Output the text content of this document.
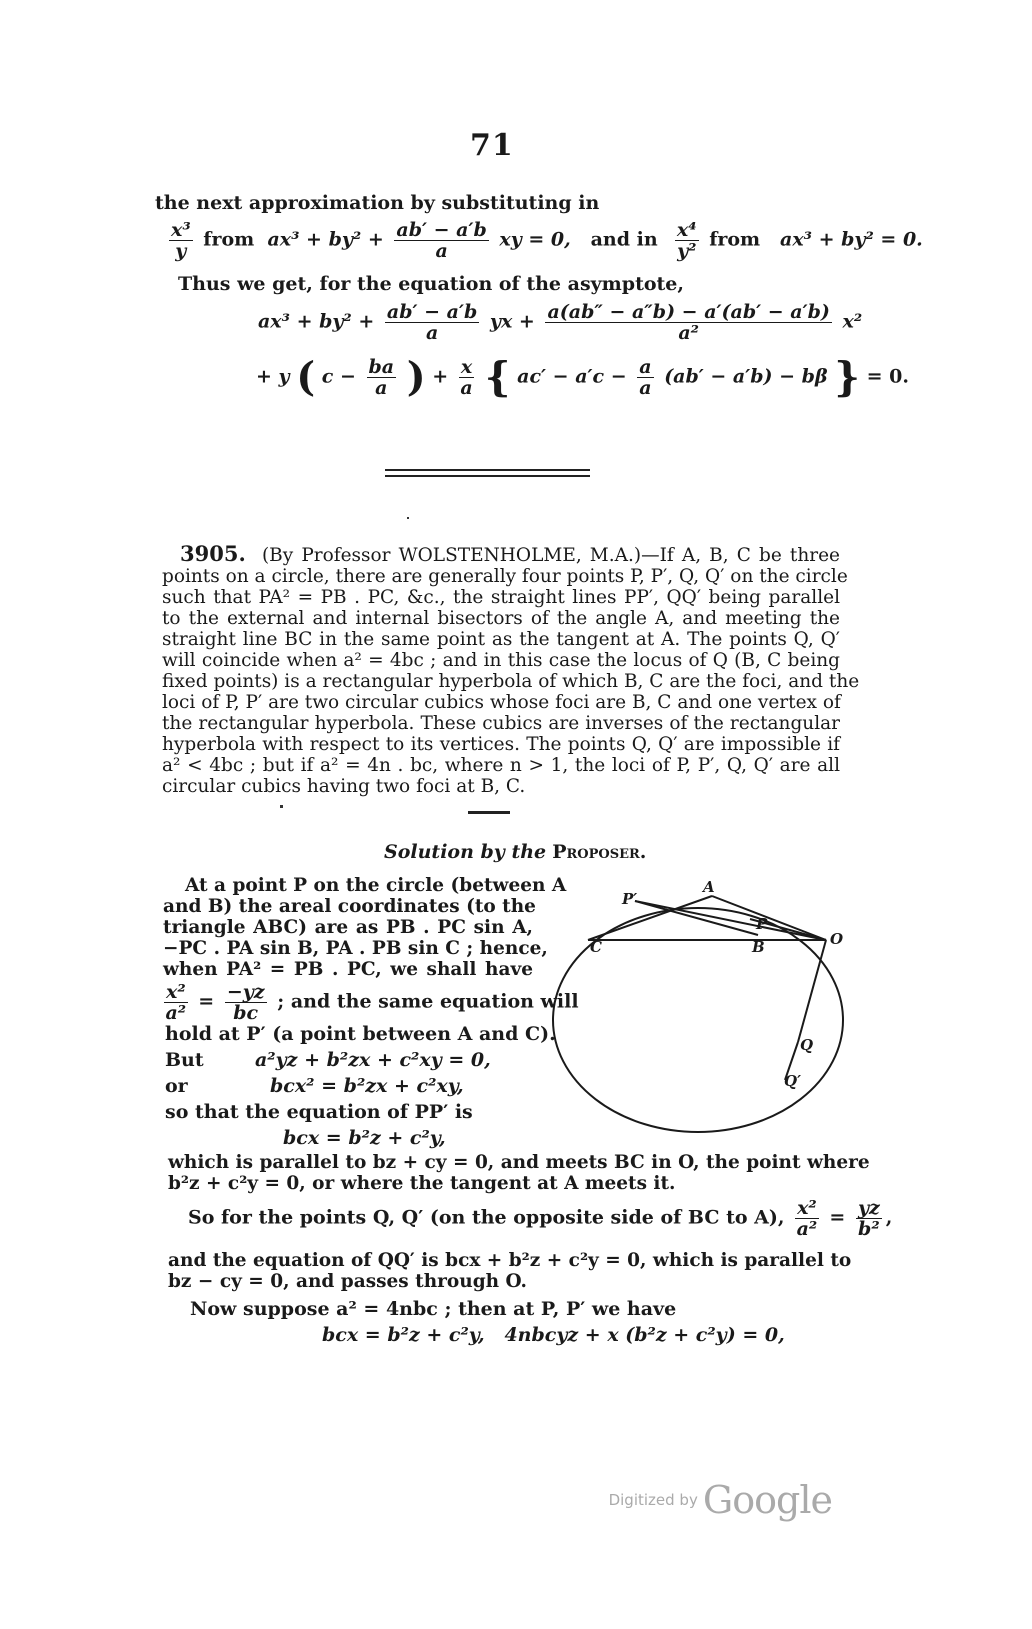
71
the next approximation by substituting in
$\frac{\text{x³}}{y}$ from $ax^3 + by^2 + \frac{ab' - a'b}{a}$ xy = 0, and in $\frac{\text{x⁴}}{\text{y²}}$ from ax³ + by² = 0.
Thus we get, for the equation of the asymptote,
$ax^3 + by^2 + \frac{ab' - a'b}{a}$ yx + $\frac{a(ab'' - a''b) - a'(ab' - a'b)}{\text{a²}} x^2$
+ y ( $c - \frac{ba}{a}$ ) + $\frac{x}{a}$ { $ac' - a'c - \frac{a}{a} (ab' - a'b) - b\beta$ } = 0.

3905. (By Professor WOLSTENHOLME, M.A.)—If A, B, C be three

points on a circle, there are generally four points P, P′, Q, Q′ on the circle

such that PA² = PB . PC, &c., the straight lines PP′, QQ′ being parallel

to the external and internal bisectors of the angle A, and meeting the

straight line BC in the same point as the tangent at A. The points Q, Q′

will coincide when a² = 4bc ; and in this case the locus of Q (B, C being

fixed points) is a rectangular hyperbola of which B, C are the foci, and the

loci of P, P′ are two circular cubics whose foci are B, C and one vertex of

the rectangular hyperbola. These cubics are inverses of the rectangular

hyperbola with respect to its vertices. The points Q, Q′ are impossible if

a² < 4bc ; but if a² = 4n . bc, where n > 1, the loci of P, P′, Q, Q′ are all

circular cubics having two foci at B, C.

Solution by the Proposer.

At a point P on the circle (between A

and B) the areal coordinates (to the

triangle ABC) are as PB . PC sin A,

−PC . PA sin B, PA . PB sin C ; hence,

when PA² = PB . PC, we shall have

$\frac{\text{x²}}{\text{a²}} = \frac{-yz}{bc}$ ; and the same equation will
hold at P′ (a point between A and C).
But	a²yz + b²zx + c²xy = 0,
or	bcx² = b²zx + c²xy,
so that the equation of PP′ is
bcx = b²z + c²y,
P′
A
P
C	B	O
Q
Q′

which is parallel to bz + cy = 0, and meets BC in O, the point where

b²z + c²y = 0, or where the tangent at A meets it.

So for the points Q, Q′ (on the opposite side of BC to A), $\frac{\text{x²}}{\text{a²}} = \frac{yz}{\text{b²}}$ ,

and the equation of QQ′ is bcx + b²z + c²y = 0, which is parallel to

bz − cy = 0, and passes through O.

Now suppose a² = 4nbc ; then at P, P′ we have
bcx = b²z + c²y,   4nbcyz + x (b²z + c²y) = 0,
Digitized by Google
